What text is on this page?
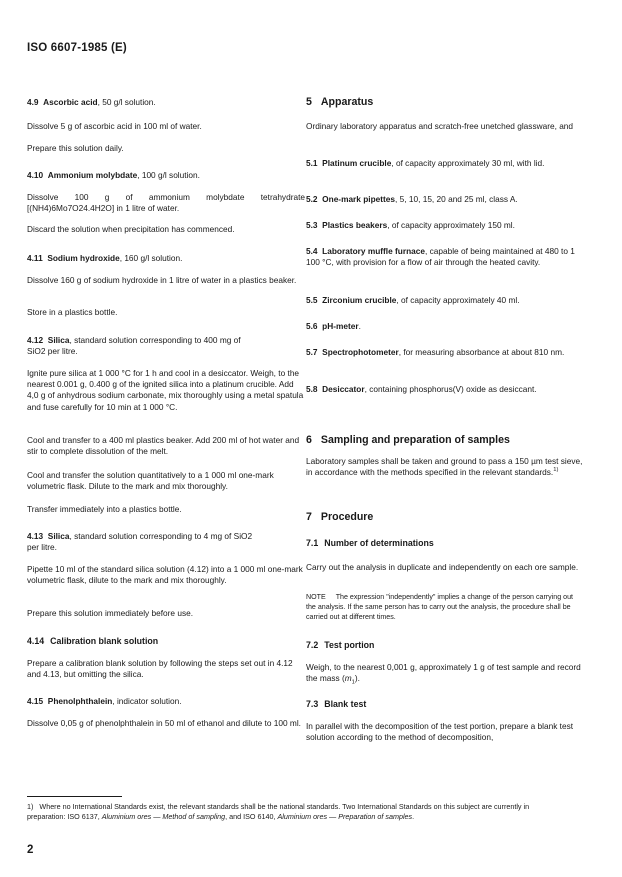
ISO 6607-1985 (E)

4.9 Ascorbic acid, 50 g/l solution.

Dissolve 5 g of ascorbic acid in 100 ml of water.

Prepare this solution daily.

4.10 Ammonium molybdate, 100 g/l solution.

Dissolve 100 g of ammonium molybdate tetrahydrate
[(NH4)6Mo7O24.4H2O] in 1 litre of water.

Discard the solution when precipitation has commenced.

4.11 Sodium hydroxide, 160 g/l solution.

Dissolve 160 g of sodium hydroxide in 1 litre of water in a plastics beaker.

Store in a plastics bottle.

4.12 Silica, standard solution corresponding to 400 mg of

SiO2 per litre.

Ignite pure silica at 1 000 °C for 1 h and cool in a desiccator. Weigh, to the nearest 0.001 g, 0.400 g of the ignited silica into a platinum crucible. Add 4,0 g of anhydrous sodium carbonate, mix thoroughly using a metal spatula and fuse carefully for 10 min at 1 000 °C.

Cool and transfer to a 400 ml plastics beaker. Add 200 ml of hot water and stir to complete dissolution of the melt.

Cool and transfer the solution quantitatively to a 1 000 ml one-mark volumetric flask. Dilute to the mark and mix thoroughly.

Transfer immediately into a plastics bottle.

4.13 Silica, standard solution corresponding to 4 mg of SiO2

per litre.

Pipette 10 ml of the standard silica solution (4.12) into a 1 000 ml one-mark volumetric flask, dilute to the mark and mix thoroughly.

Prepare this solution immediately before use.

4.14 Calibration blank solution

Prepare a calibration blank solution by following the steps set out in 4.12 and 4.13, but omitting the silica.

4.15 Phenolphthalein, indicator solution.

Dissolve 0,05 g of phenolphthalein in 50 ml of ethanol and dilute to 100 ml.

5 Apparatus

Ordinary laboratory apparatus and scratch-free unetched glassware, and

5.1 Platinum crucible, of capacity approximately 30 ml, with lid.

5.2 One-mark pipettes, 5, 10, 15, 20 and 25 ml, class A.

5.3 Plastics beakers, of capacity approximately 150 ml.

5.4 Laboratory muffle furnace, capable of being maintained at 480 to 1 100 °C, with provision for a flow of air through the heated cavity.

5.5 Zirconium crucible, of capacity approximately 40 ml.

5.6 pH-meter.

5.7 Spectrophotometer, for measuring absorbance at about 810 nm.

5.8 Desiccator, containing phosphorus(V) oxide as desiccant.

6 Sampling and preparation of samples

Laboratory samples shall be taken and ground to pass a 150 µm test sieve, in accordance with the methods specified in the relevant standards.$^{1)}$

7 Procedure

7.1 Number of determinations

Carry out the analysis in duplicate and independently on each ore sample.

NOTE The expression "independently" implies a change of the person carrying out the analysis. If the same person has to carry out the analysis, the procedure shall be carried out at different times.

7.2 Test portion

Weigh, to the nearest 0,001 g, approximately 1 g of test sample and record the mass $(m_1)$.

7.3 Blank test

In parallel with the decomposition of the test portion, prepare a blank test solution according to the method of decomposition,

1) Where no International Standards exist, the relevant standards shall be the national standards. Two International Standards on this subject are currently in preparation: ISO 6137, Aluminium ores — Method of sampling, and ISO 6140, Aluminium ores — Preparation of samples.

2
